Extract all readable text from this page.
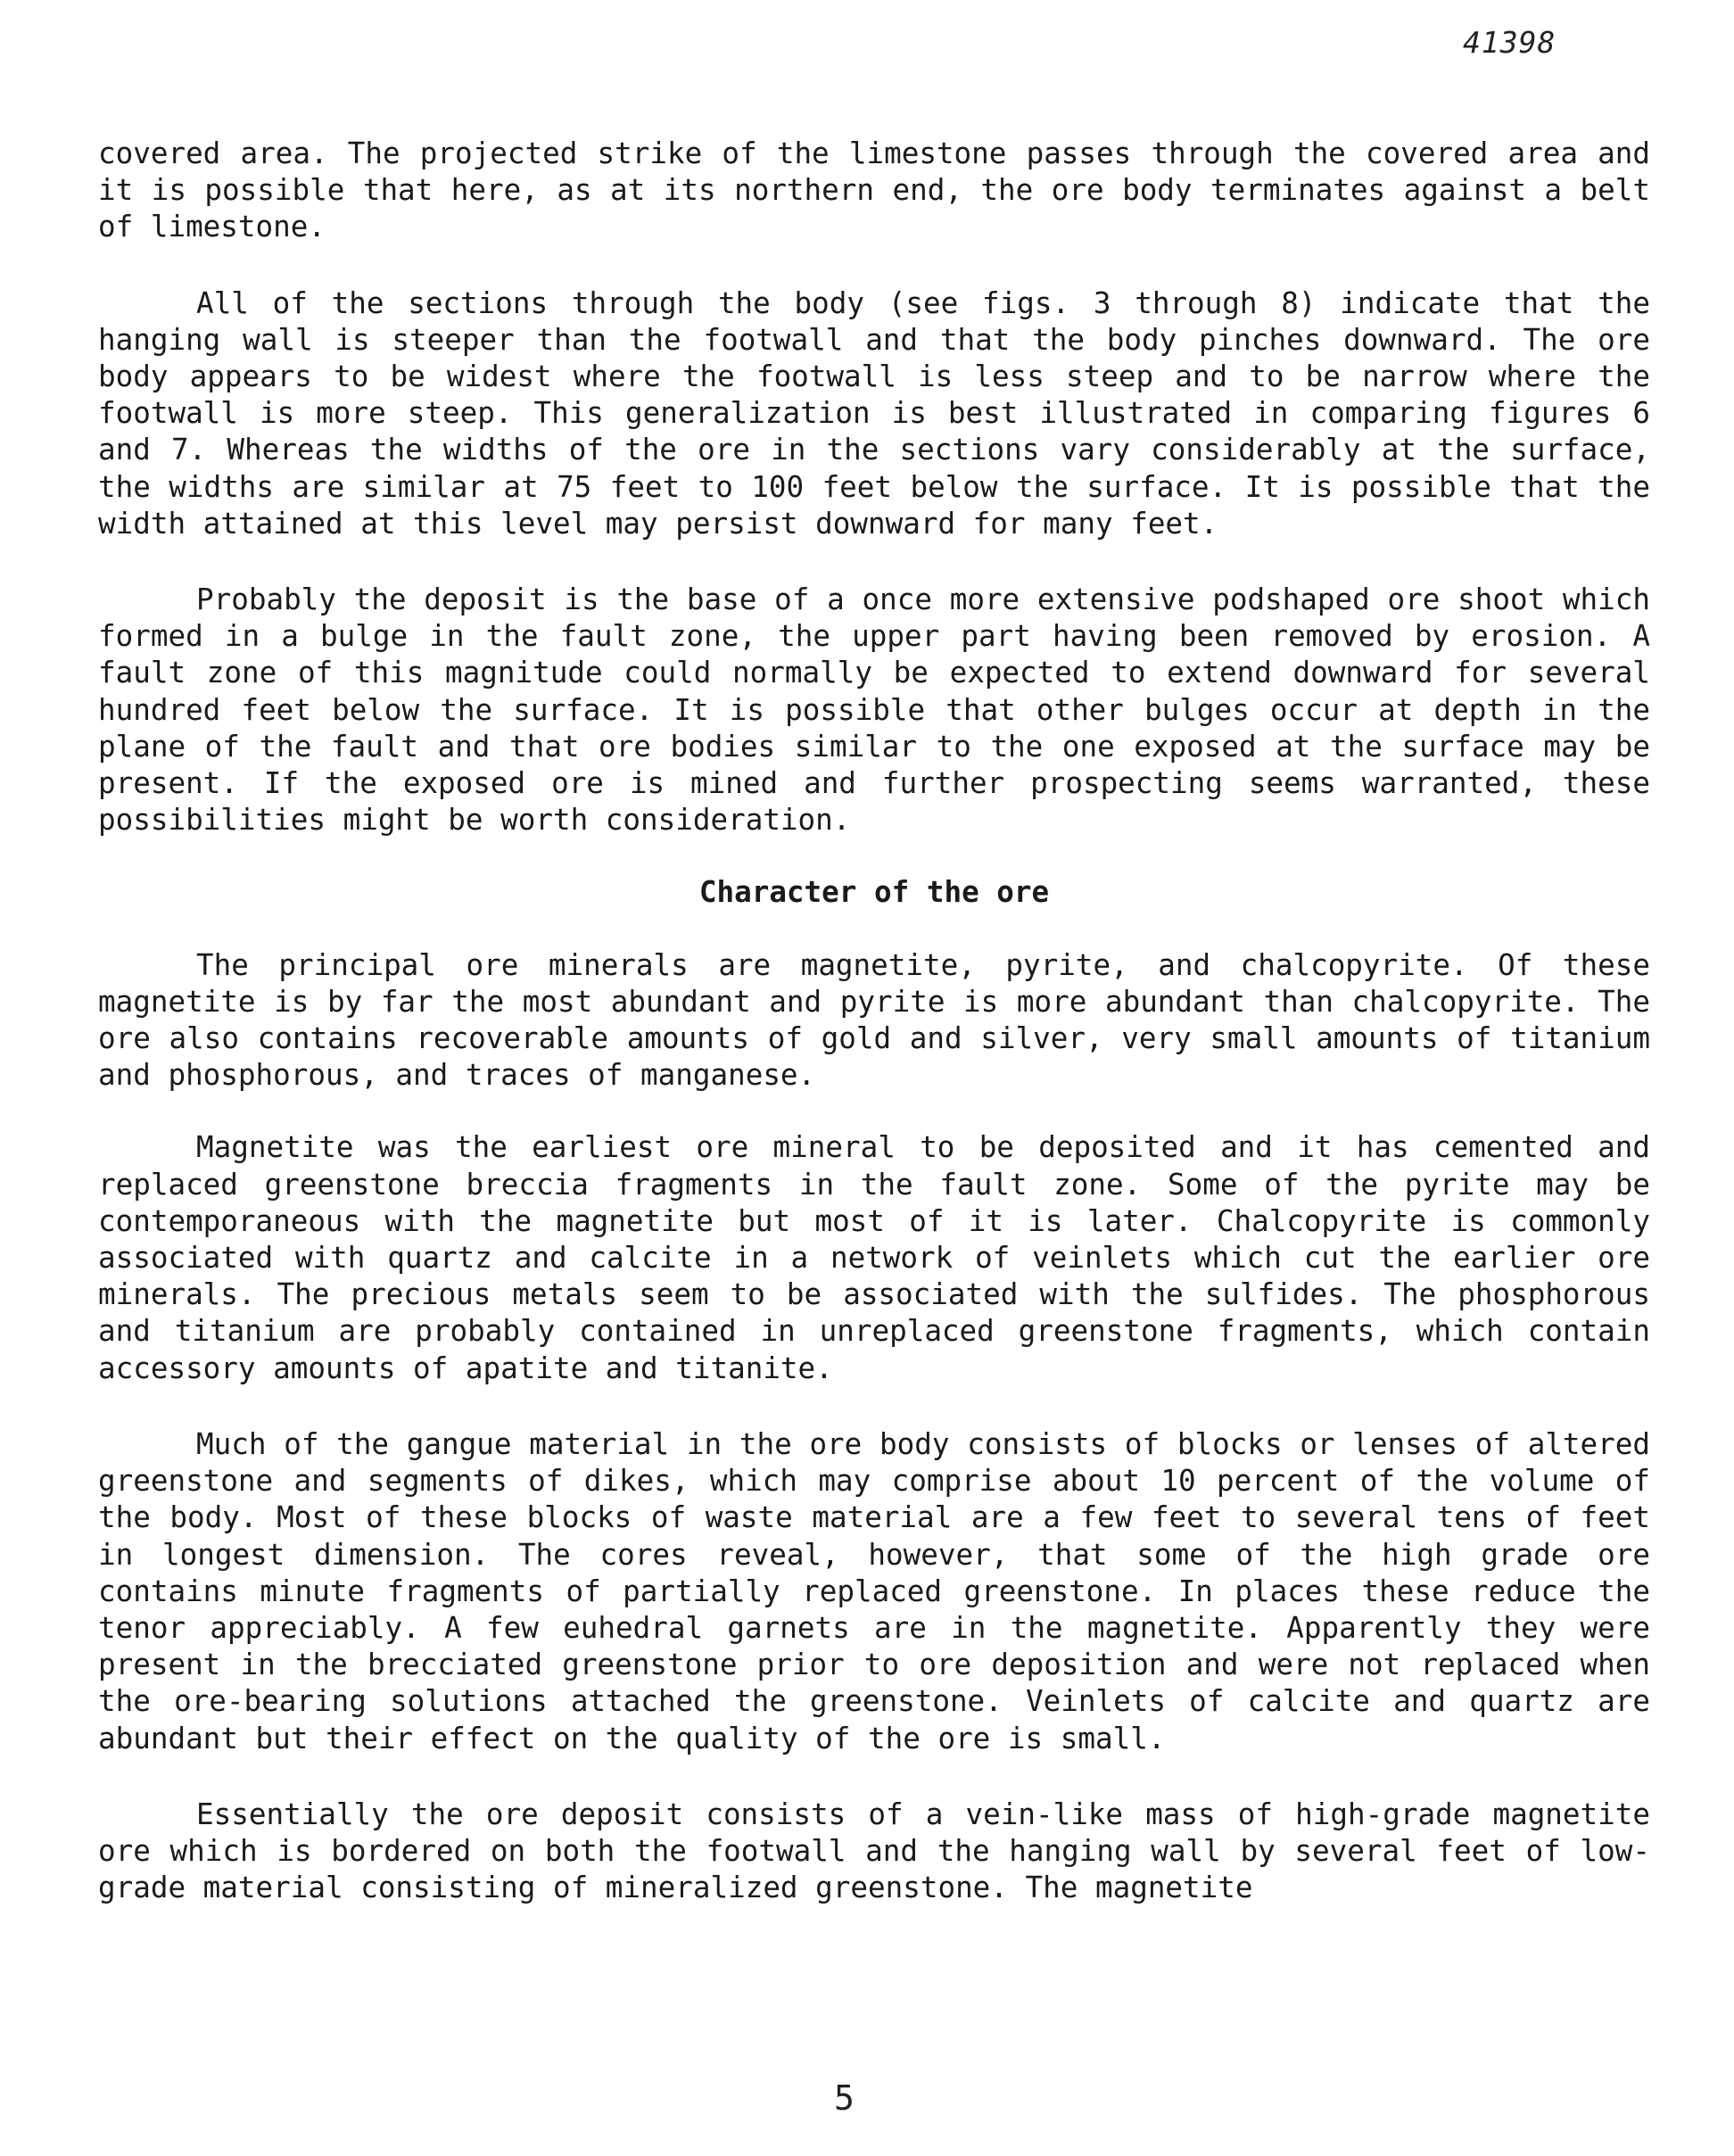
41398

covered area. The projected strike of the limestone passes through the covered area and it is possible that here, as at its northern end, the ore body terminates against a belt of limestone.

All of the sections through the body (see figs. 3 through 8) indicate that the hanging wall is steeper than the footwall and that the body pinches downward. The ore body appears to be widest where the footwall is less steep and to be narrow where the footwall is more steep. This generalization is best illustrated in comparing figures 6 and 7. Whereas the widths of the ore in the sections vary considerably at the surface, the widths are similar at 75 feet to 100 feet below the surface. It is possible that the width attained at this level may persist downward for many feet.

Probably the deposit is the base of a once more extensive podshaped ore shoot which formed in a bulge in the fault zone, the upper part having been removed by erosion. A fault zone of this magnitude could normally be expected to extend downward for several hundred feet below the surface. It is possible that other bulges occur at depth in the plane of the fault and that ore bodies similar to the one exposed at the surface may be present. If the exposed ore is mined and further prospecting seems warranted, these possibilities might be worth consideration.

Character of the ore

The principal ore minerals are magnetite, pyrite, and chalcopyrite. Of these magnetite is by far the most abundant and pyrite is more abundant than chalcopyrite. The ore also contains recoverable amounts of gold and silver, very small amounts of titanium and phosphorous, and traces of manganese.

Magnetite was the earliest ore mineral to be deposited and it has cemented and replaced greenstone breccia fragments in the fault zone. Some of the pyrite may be contemporaneous with the magnetite but most of it is later. Chalcopyrite is commonly associated with quartz and calcite in a network of veinlets which cut the earlier ore minerals. The precious metals seem to be associated with the sulfides. The phosphorous and titanium are probably contained in unreplaced greenstone fragments, which contain accessory amounts of apatite and titanite.

Much of the gangue material in the ore body consists of blocks or lenses of altered greenstone and segments of dikes, which may comprise about 10 percent of the volume of the body. Most of these blocks of waste material are a few feet to several tens of feet in longest dimension. The cores reveal, however, that some of the high grade ore contains minute fragments of partially replaced greenstone. In places these reduce the tenor appreciably. A few euhedral garnets are in the magnetite. Apparently they were present in the brecciated greenstone prior to ore deposition and were not replaced when the ore-bearing solutions attached the greenstone. Veinlets of calcite and quartz are abundant but their effect on the quality of the ore is small.

Essentially the ore deposit consists of a vein-like mass of high-grade magnetite ore which is bordered on both the footwall and the hanging wall by several feet of low-grade material consisting of mineralized greenstone. The magnetite

5
